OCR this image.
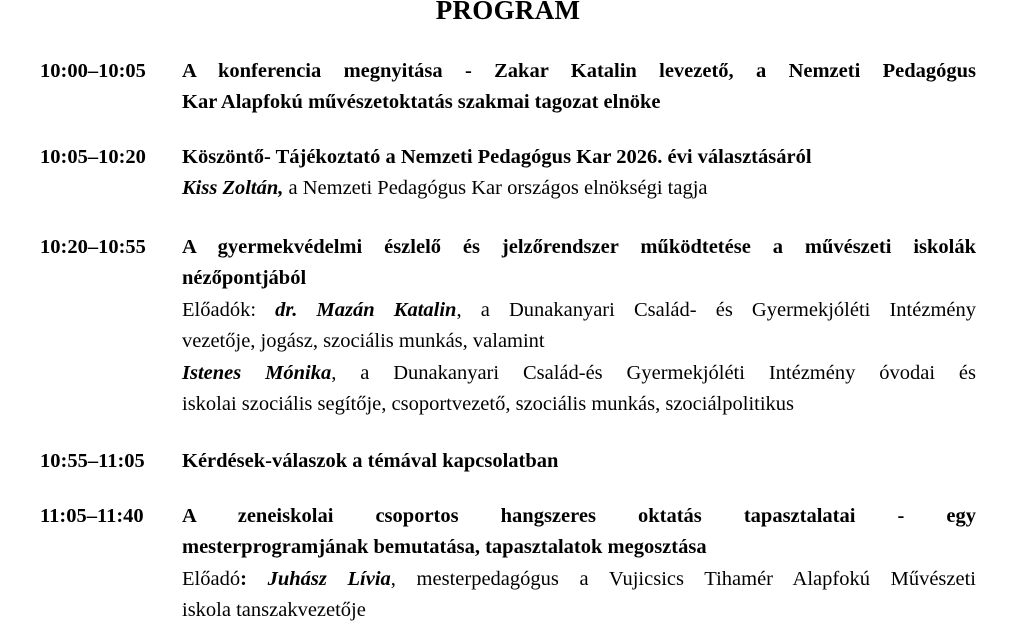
PROGRAM
10:00–10:05 A konferencia megnyitása - Zakar Katalin levezető, a Nemzeti Pedagógus
Kar Alapfokú művészetoktatás szakmai tagozat elnöke
10:05–10:20 Köszöntő- Tájékoztató a Nemzeti Pedagógus Kar 2026. évi választásáról
Kiss Zoltán, a Nemzeti Pedagógus Kar országos elnökségi tagja
10:20–10:55 A gyermekvédelmi észlelő és jelzőrendszer működtetése a művészeti iskolák
nézőpontjából
Előadók: dr. Mazán Katalin, a Dunakanyari Család- és Gyermekjóléti Intézmény
vezetője, jogász, szociális munkás, valamint
Istenes Mónika, a Dunakanyari Család-és Gyermekjóléti Intézmény óvodai és
iskolai szociális segítője, csoportvezető, szociális munkás, szociálpolitikus
10:55–11:05 Kérdések-válaszok a témával kapcsolatban
11:05–11:40 A zeneiskolai csoportos hangszeres oktatás tapasztalatai - egy
mesterprogramjának bemutatása, tapasztalatok megosztása
Előadó: Juhász Lívia, mesterpedagógus a Vujicsics Tihamér Alapfokú Művészeti
iskola tanszakvezetője
